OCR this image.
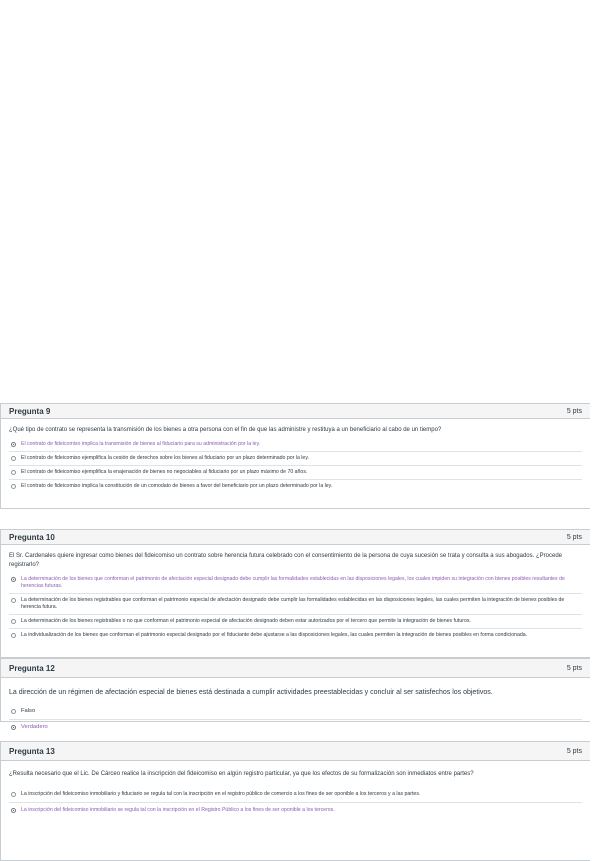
Pregunta 9	5 pts
¿Qué tipo de contrato se representa la transmisión de los bienes a otra persona con el fin de que las administre y restituya a un beneficiario al cabo de un tiempo?
El contrato de fideicomiso implica la transmisión de bienes al fiduciario para su administración por la ley.
El contrato de fideicomiso ejemplifica la cesión de derechos sobre los bienes al fiduciario por un plazo determinado por la ley.
El contrato de fideicomiso ejemplifica la enajenación de bienes no negociables al fiduciario por un plazo máximo de 70 años.
El contrato de fideicomiso implica la constitución de un comodato de bienes a favor del beneficiario por un plazo determinado por la ley.
Pregunta 10	5 pts
El Sr. Cardenales quiere ingresar como bienes del fideicomiso un contrato sobre herencia futura celebrado con el consentimiento de la persona de cuya sucesión se trata y consulta a sus abogados. ¿Procede registrarlo?
La determinación de los bienes que conforman el patrimonio de afectación especial designado debe cumplir las formalidades establecidas en las disposiciones legales, los cuales impiden su integración con bienes posibles resultantes de herencias futuras.
La determinación de los bienes registrables que conforman el patrimonio especial de afectación designado debe cumplir las formalidades establecidas en las disposiciones legales, las cuales permiten la integración de bienes posibles de herencia futura.
La determinación de los bienes registrables o no que conforman el patrimonio especial de afectación designado deben estar autorizados por el tercero que permite la integración de bienes futuros.
La individualización de los bienes que conforman el patrimonio especial designado por el fiduciante debe ajustarse a las disposiciones legales, las cuales permiten la integración de bienes posibles en forma condicionada.
Pregunta 12	5 pts
La dirección de un régimen de afectación especial de bienes está destinada a cumplir actividades preestablecidas y concluir al ser satisfechos los objetivos.
Falso
Verdadero
Pregunta 13	5 pts
¿Resulta necesario que el Lic. De Cárceo realice la inscripción del fideicomiso en algún registro particular, ya que los efectos de su formalización son inmediatos entre partes?
La inscripción del fideicomiso inmobiliario y fiduciario se regula tal con la inscripción en el registro público de comercio a los fines de ser oponible a los terceros y a las partes.
La inscripción del fideicomiso inmobiliario se regula tal con la inscripción en el Registro Público a los fines de ser oponible a los terceros.
